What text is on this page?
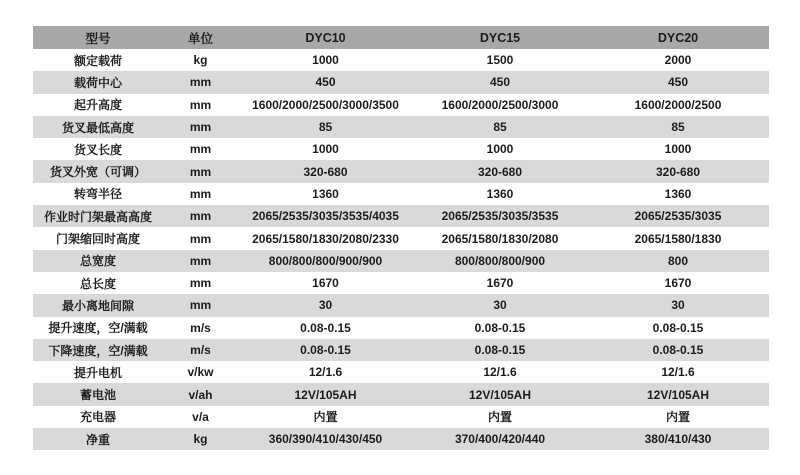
型号	单位	DYC10	DYC15	DYC20
额定载荷	kg	1000	1500	2000
载荷中心	mm	450	450	450
起升高度	mm	1600/2000/2500/3000/3500	1600/2000/2500/3000	1600/2000/2500
货叉最低高度	mm	85	85	85
货叉长度	mm	1000	1000	1000
货叉外宽（可调）	mm	320-680	320-680	320-680
转弯半径	mm	1360	1360	1360
作业时门架最高高度	mm	2065/2535/3035/3535/4035	2065/2535/3035/3535	2065/2535/3035
门架缩回时高度	mm	2065/1580/1830/2080/2330	2065/1580/1830/2080	2065/1580/1830
总宽度	mm	800/800/800/900/900	800/800/800/900	800
总长度	mm	1670	1670	1670
最小离地间隙	mm	30	30	30
提升速度，空/满载	m/s	0.08-0.15	0.08-0.15	0.08-0.15
下降速度，空/满载	m/s	0.08-0.15	0.08-0.15	0.08-0.15
提升电机	v/kw	12/1.6	12/1.6	12/1.6
蓄电池	v/ah	12V/105AH	12V/105AH	12V/105AH
充电器	v/a	内置	内置	内置
净重	kg	360/390/410/430/450	370/400/420/440	380/410/430
